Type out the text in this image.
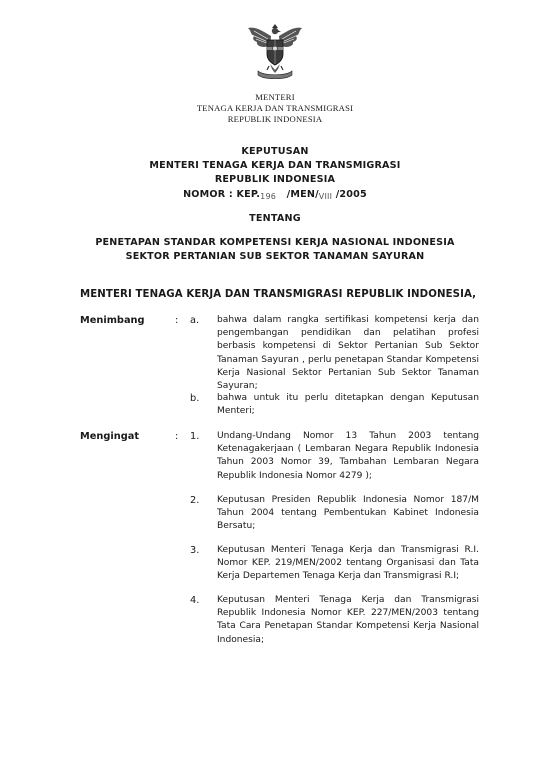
MENTERI
TENAGA KERJA DAN TRANSMIGRASI
REPUBLIK INDONESIA
KEPUTUSAN
MENTERI TENAGA KERJA DAN TRANSMIGRASI
REPUBLIK INDONESIA
NOMOR : $KEP._{196}$ $/MEN/_{VIII}$ /2005
TENTANG
PENETAPAN STANDAR KOMPETENSI KERJA NASIONAL INDONESIA
SEKTOR PERTANIAN SUB SEKTOR TANAMAN SAYURAN
MENTERI TENAGA KERJA DAN TRANSMIGRASI REPUBLIK INDONESIA,
Menimbang	: a. bahwa dalam rangka sertifikasi kompetensi kerja dan pengembangan pendidikan dan pelatihan profesi berbasis kompetensi di Sektor Pertanian Sub Sektor Tanaman Sayuran , perlu penetapan Standar Kompetensi Kerja Nasional Sektor Pertanian Sub Sektor Tanaman Sayuran;
b. bahwa untuk itu perlu ditetapkan dengan Keputusan Menteri;
Mengingat	: 1. Undang-Undang Nomor 13 Tahun 2003 tentang Ketenagakerjaan ( Lembaran Negara Republik Indonesia Tahun 2003 Nomor 39, Tambahan Lembaran Negara Republik Indonesia Nomor 4279 );
2. Keputusan Presiden Republik Indonesia Nomor 187/M Tahun 2004 tentang Pembentukan Kabinet Indonesia Bersatu;
3. Keputusan Menteri Tenaga Kerja dan Transmigrasi R.I. Nomor KEP. 219/MEN/2002 tentang Organisasi dan Tata Kerja Departemen Tenaga Kerja dan Transmigrasi R.I;
4. Keputusan Menteri Tenaga Kerja dan Transmigrasi Republik Indonesia Nomor KEP. 227/MEN/2003 tentang Tata Cara Penetapan Standar Kompetensi Kerja Nasional Indonesia;
